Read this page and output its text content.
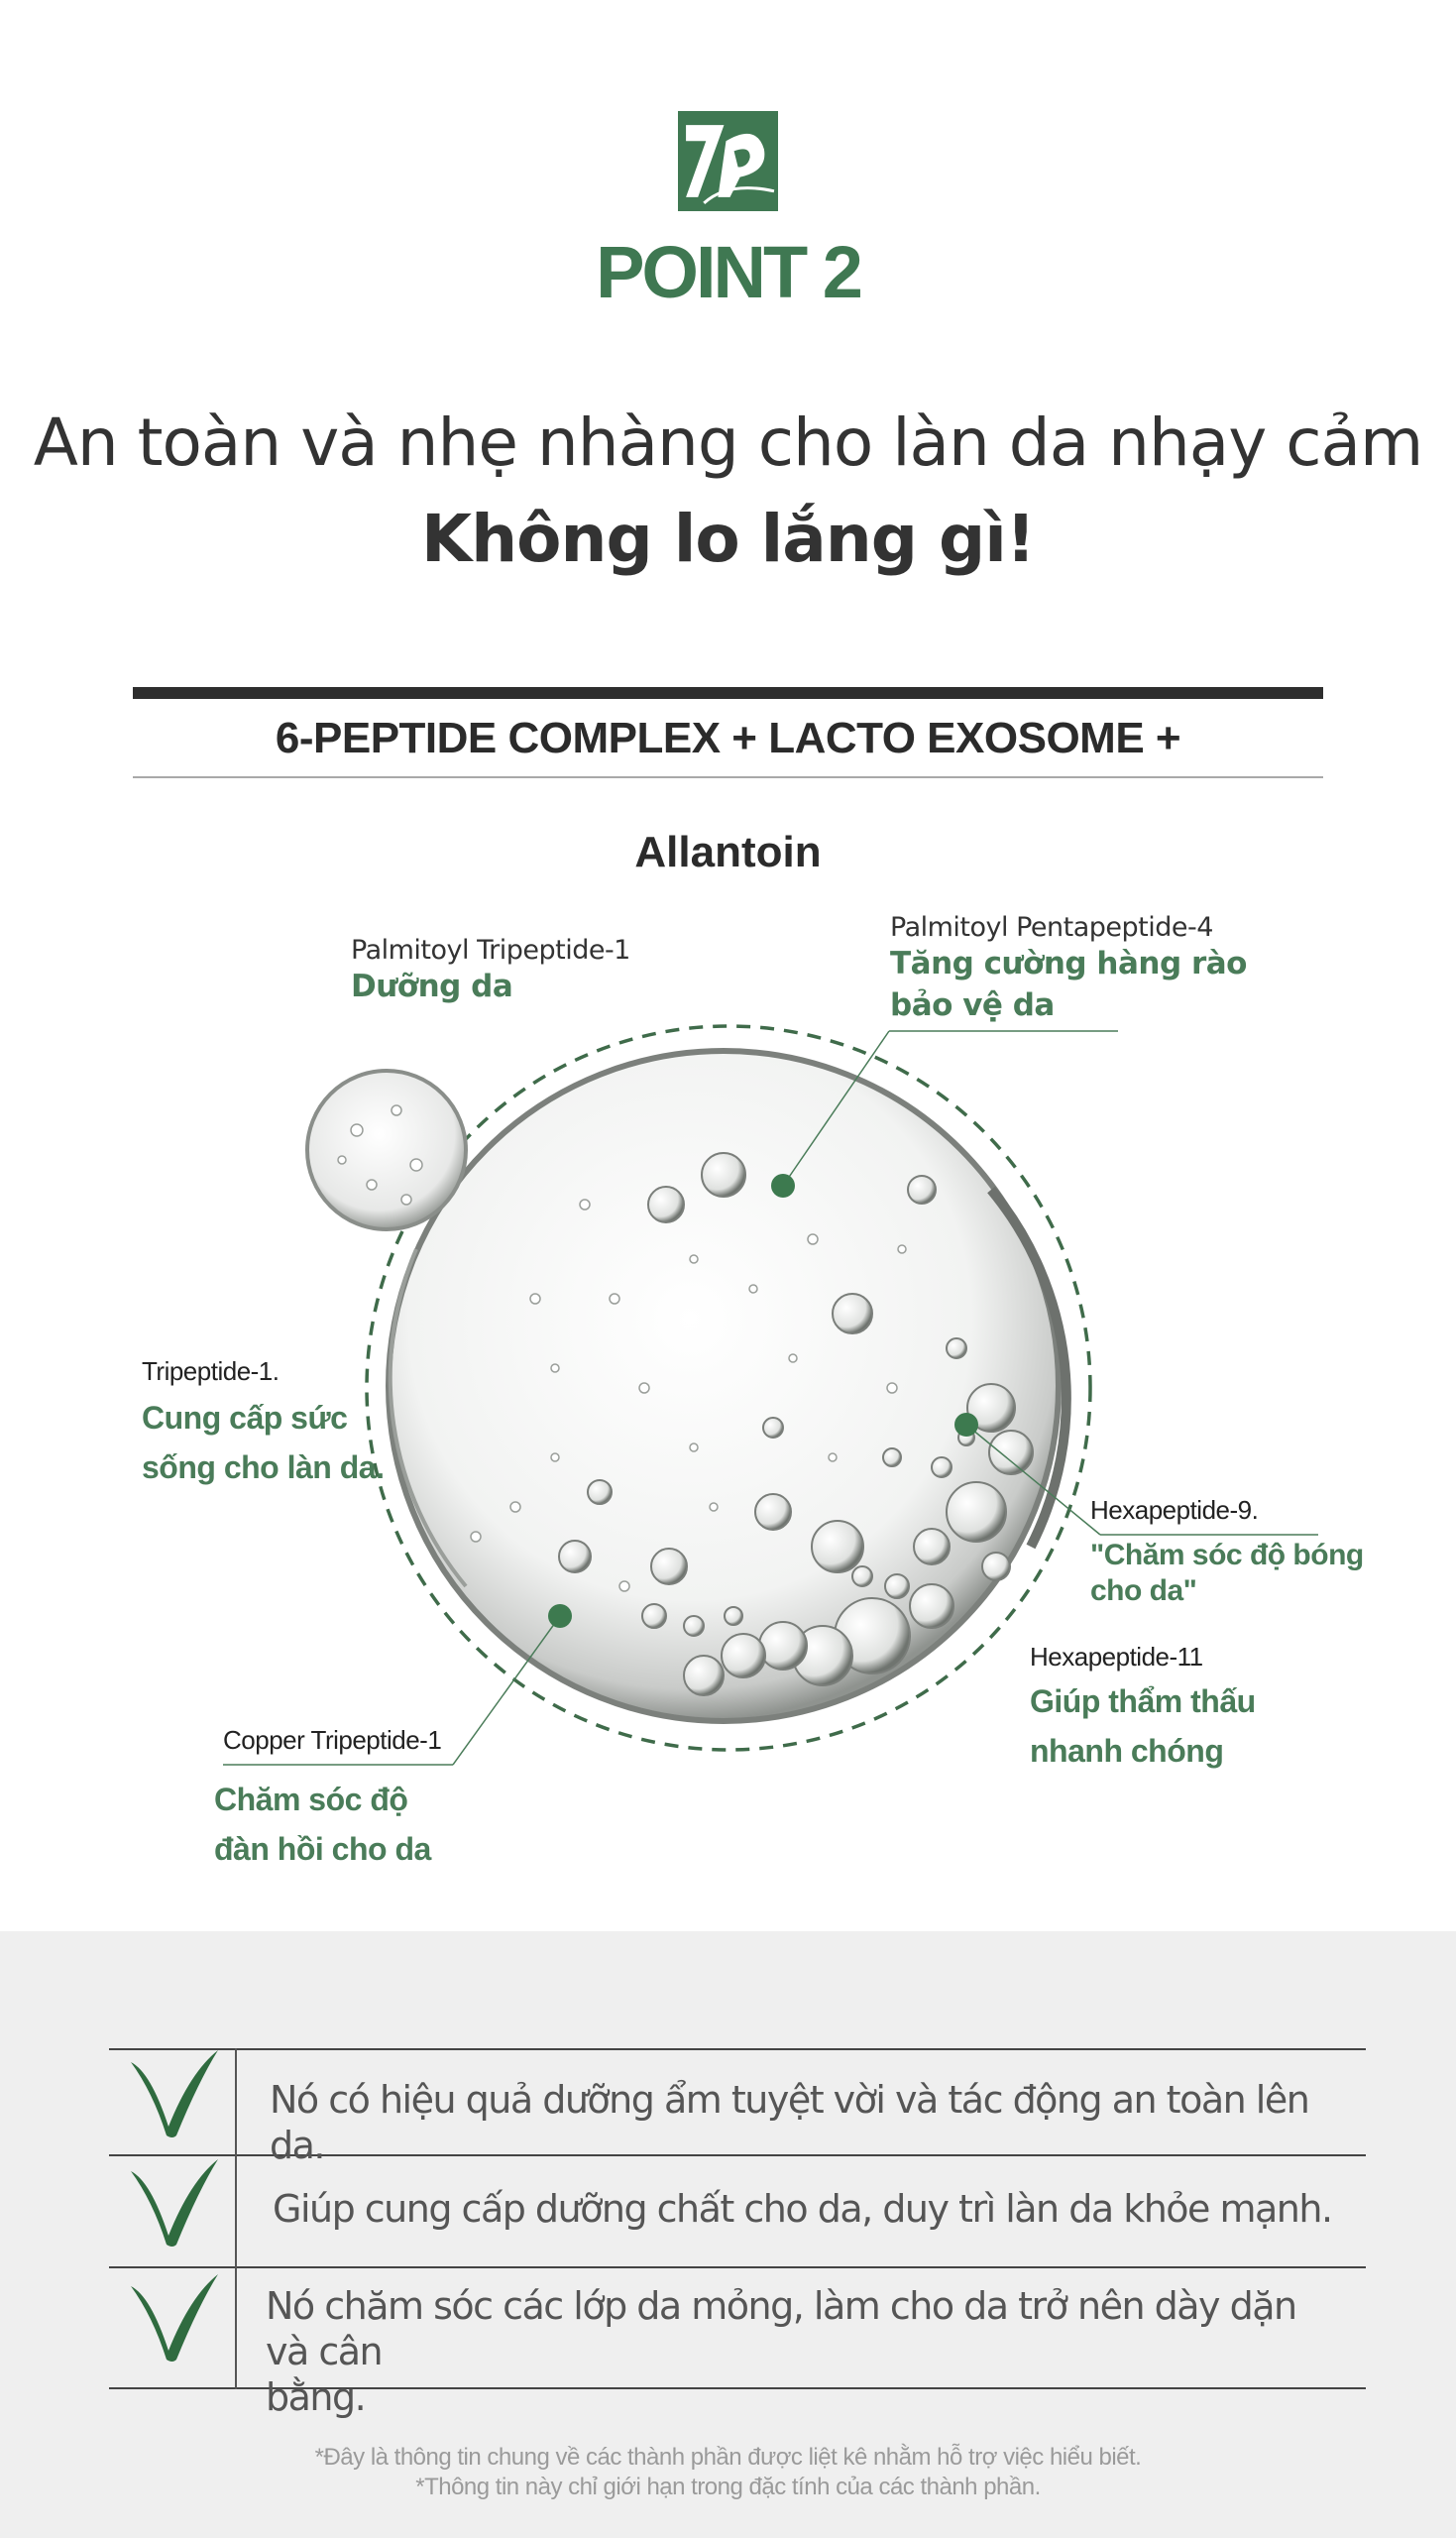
POINT 2
An toàn và nhẹ nhàng cho làn da nhạy cảm
Không lo lắng gì!
6-PEPTIDE COMPLEX + LACTO EXOSOME +
Allantoin
Palmitoyl Tripeptide-1
Dưỡng da
Palmitoyl Pentapeptide-4
Tăng cường hàng rào
bảo vệ da
Tripeptide-1.
Cung cấp sức
sống cho làn da.
Hexapeptide-9.
"Chăm sóc độ bóng
cho da"
Hexapeptide-11
Giúp thẩm thấu
nhanh chóng
Copper Tripeptide-1
Chăm sóc độ
đàn hồi cho da
Nó có hiệu quả dưỡng ẩm tuyệt vời và tác động an toàn lên da.
Giúp cung cấp dưỡng chất cho da, duy trì làn da khỏe mạnh.
Nó chăm sóc các lớp da mỏng, làm cho da trở nên dày dặn và cân
bằng.
*Đây là thông tin chung về các thành phần được liệt kê nhằm hỗ trợ việc hiểu biết.
*Thông tin này chỉ giới hạn trong đặc tính của các thành phần.
